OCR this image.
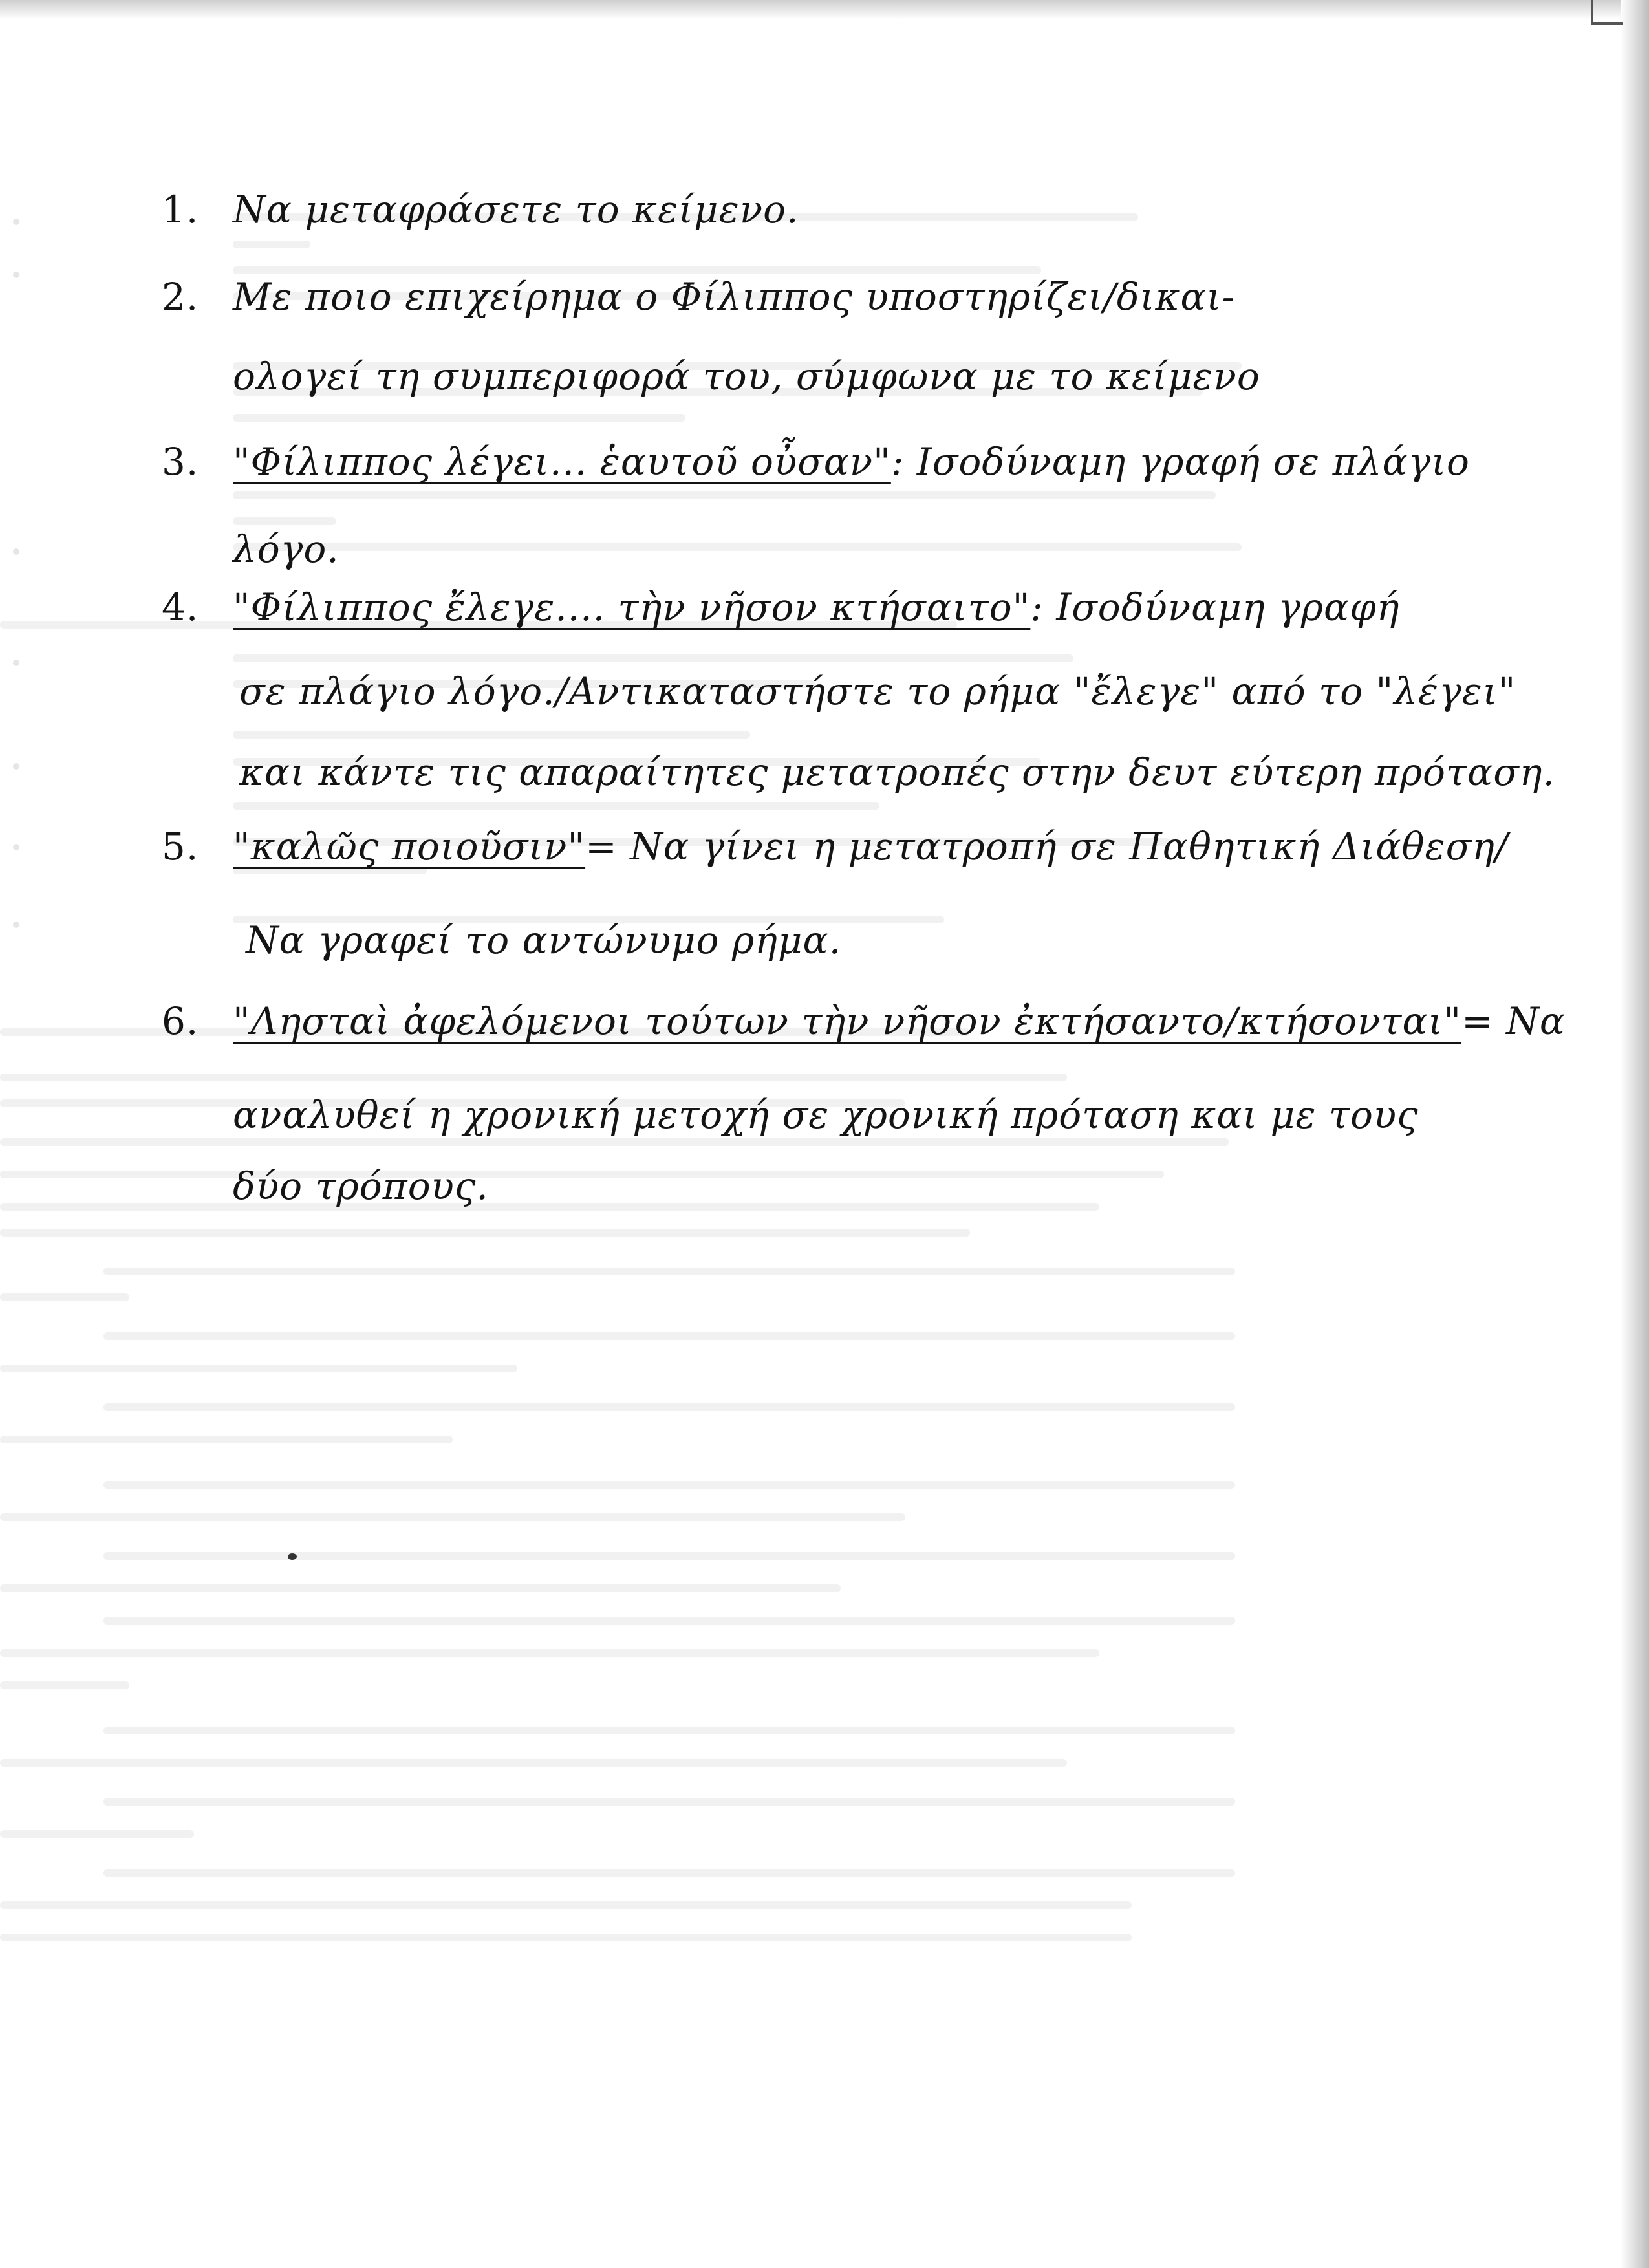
1. Να μεταφράσετε το κείμενο.

2. Με ποιο επιχείρημα ο Φίλιππος υποστηρίζει/δικαι-

ολογεί τη συμπεριφορά του, σύμφωνα με το κείμενο

3. "Φίλιππος λέγει... ἑαυτοῦ οὖσαν": Ισοδύναμη γραφή σε πλάγιο

λόγο.

4. "Φίλιππος ἔλεγε.... τὴν νῆσον κτήσαιτο": Ισοδύναμη γραφή

σε πλάγιο λόγο./Αντικαταστήστε το ρήμα "ἔλεγε" από το "λέγει"

και κάντε τις απαραίτητες μετατροπές στην δευτ εύτερη πρόταση.

5. "καλῶς ποιοῦσιν"= Να γίνει η μετατροπή σε Παθητική Διάθεση/

Να γραφεί το αντώνυμο ρήμα.

6. "Λησταὶ ἀφελόμενοι τούτων τὴν νῆσον ἐκτήσαντο/κτήσονται"= Να

αναλυθεί η χρονική μετοχή σε χρονική πρόταση και με τους

δύο τρόπους.
